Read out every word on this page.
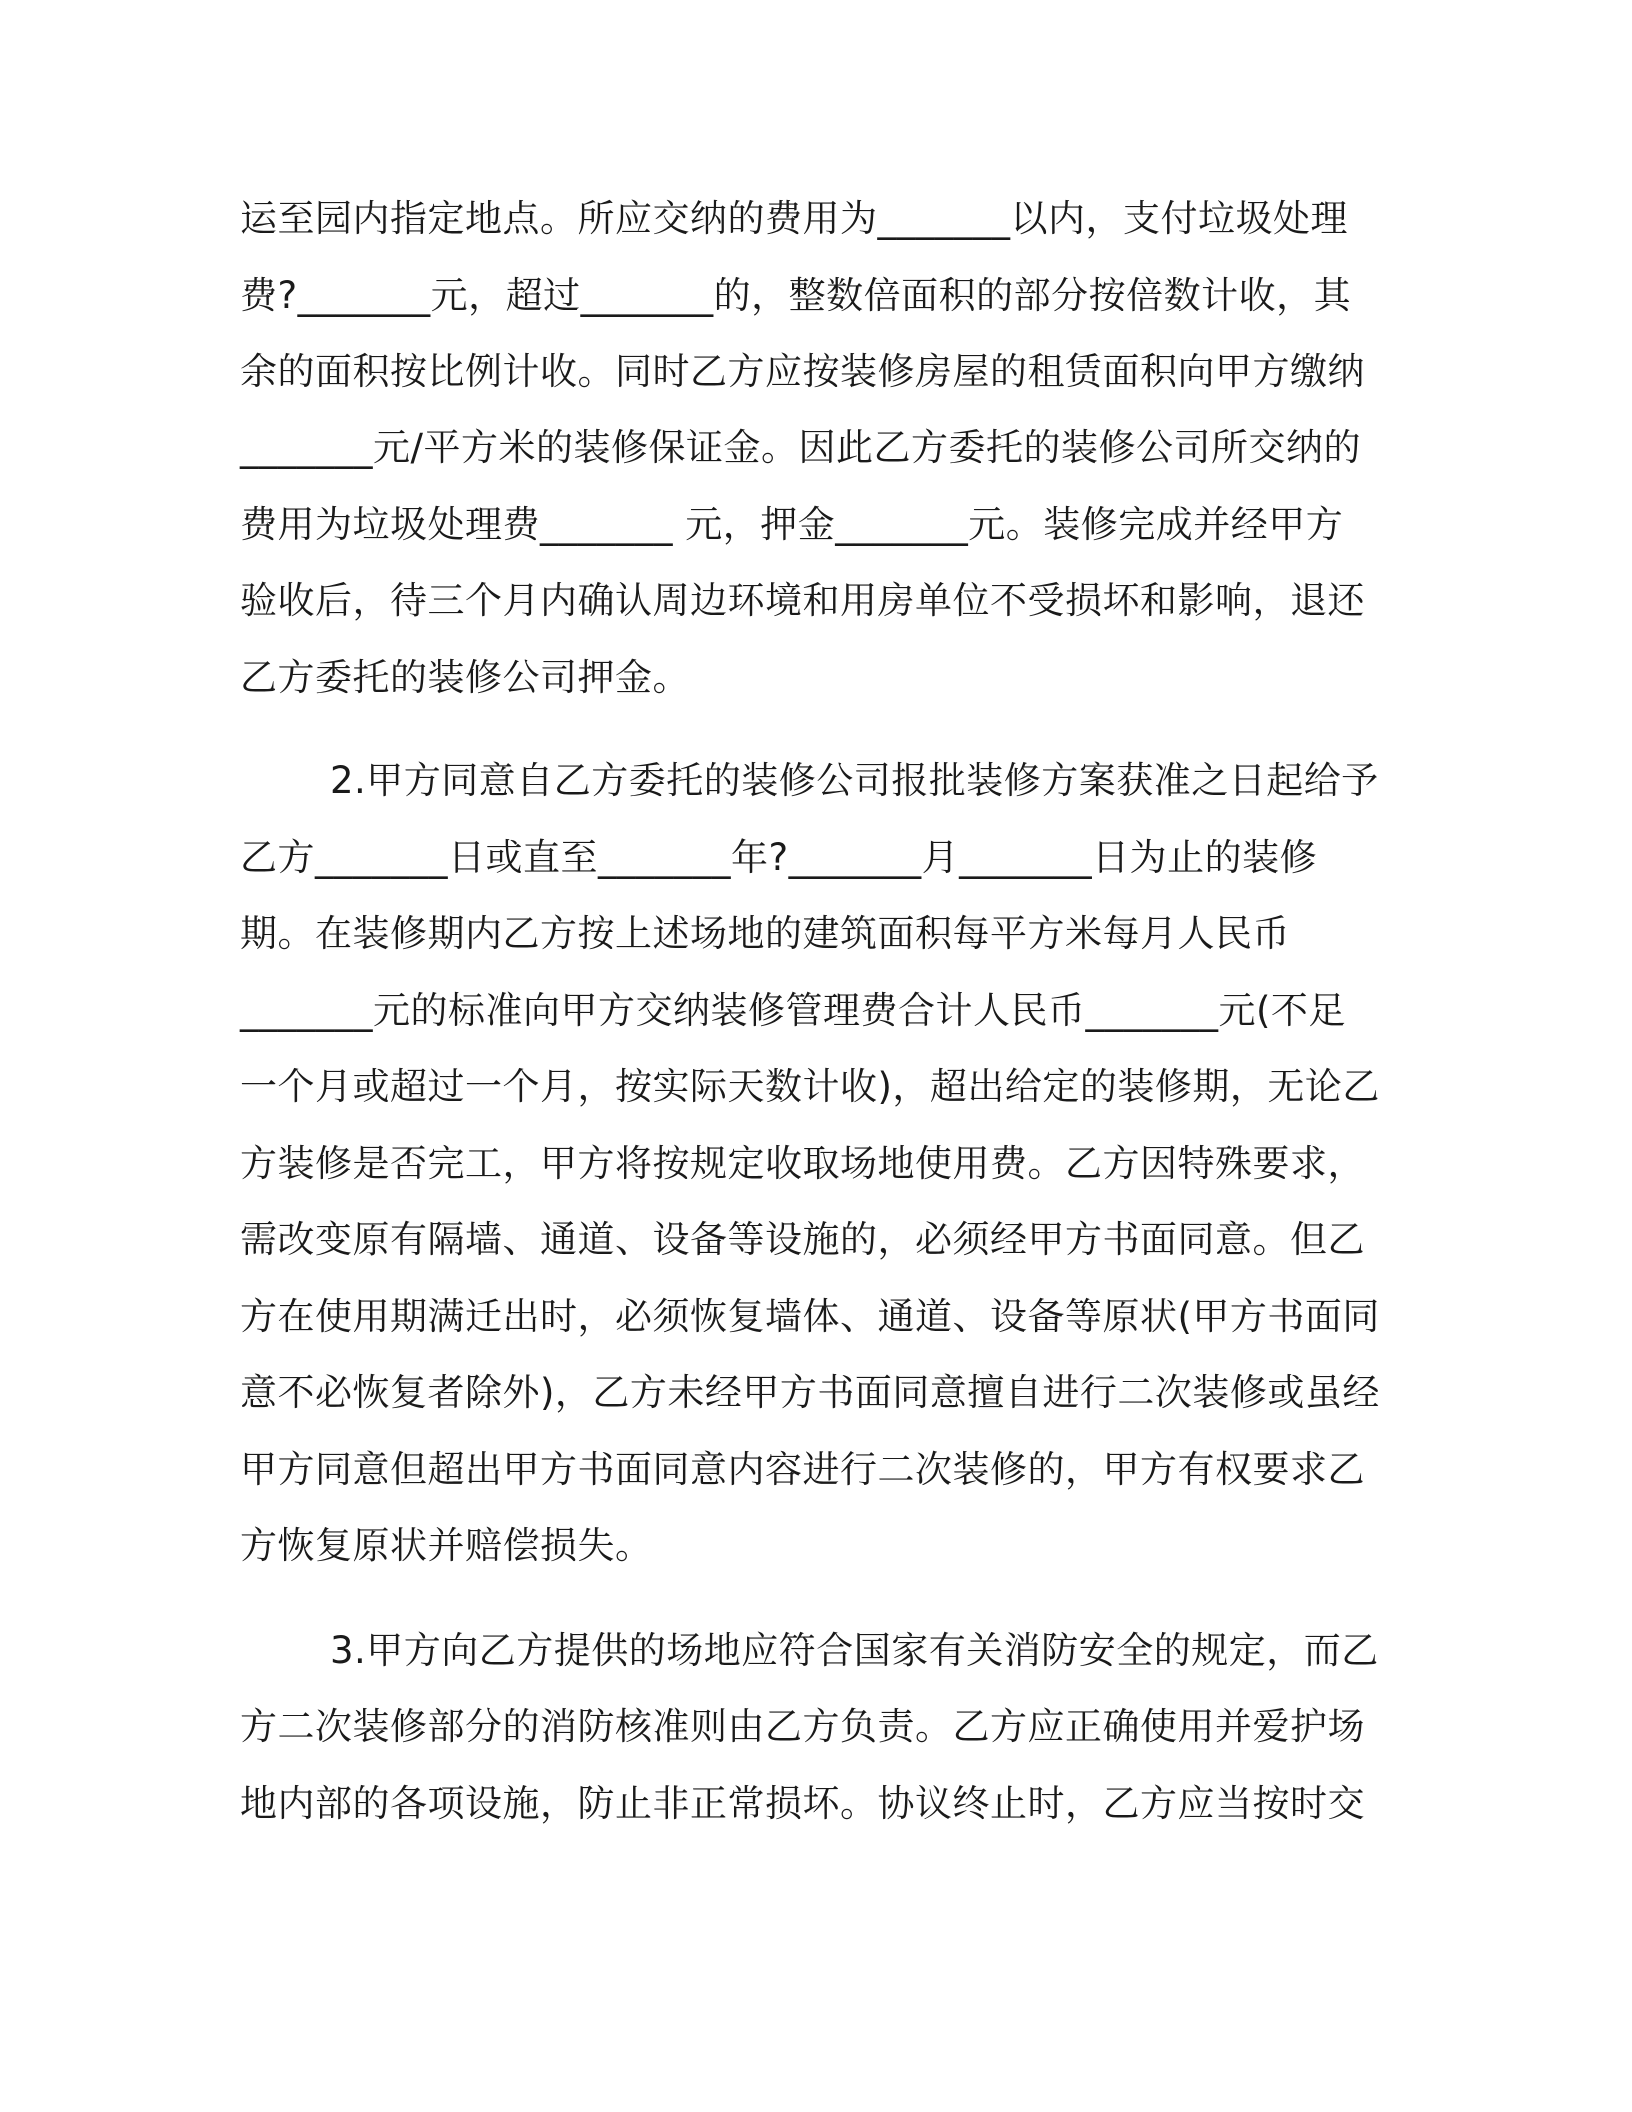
运至园内指定地点。所应交纳的费用为_______以内，支付垃圾处理
费?_______元，超过_______的，整数倍面积的部分按倍数计收，其
余的面积按比例计收。同时乙方应按装修房屋的租赁面积向甲方缴纳
_______元/平方米的装修保证金。因此乙方委托的装修公司所交纳的
费用为垃圾处理费_______ 元，押金_______元。装修完成并经甲方
验收后，待三个月内确认周边环境和用房单位不受损坏和影响，退还
乙方委托的装修公司押金。
2.甲方同意自乙方委托的装修公司报批装修方案获准之日起给予
乙方_______日或直至_______年?_______月_______日为止的装修
期。在装修期内乙方按上述场地的建筑面积每平方米每月人民币
_______元的标准向甲方交纳装修管理费合计人民币_______元(不足
一个月或超过一个月，按实际天数计收)，超出给定的装修期，无论乙
方装修是否完工，甲方将按规定收取场地使用费。乙方因特殊要求，
需改变原有隔墙、通道、设备等设施的，必须经甲方书面同意。但乙
方在使用期满迁出时，必须恢复墙体、通道、设备等原状(甲方书面同
意不必恢复者除外)，乙方未经甲方书面同意擅自进行二次装修或虽经
甲方同意但超出甲方书面同意内容进行二次装修的，甲方有权要求乙
方恢复原状并赔偿损失。
3.甲方向乙方提供的场地应符合国家有关消防安全的规定，而乙
方二次装修部分的消防核准则由乙方负责。乙方应正确使用并爱护场
地内部的各项设施，防止非正常损坏。协议终止时，乙方应当按时交
